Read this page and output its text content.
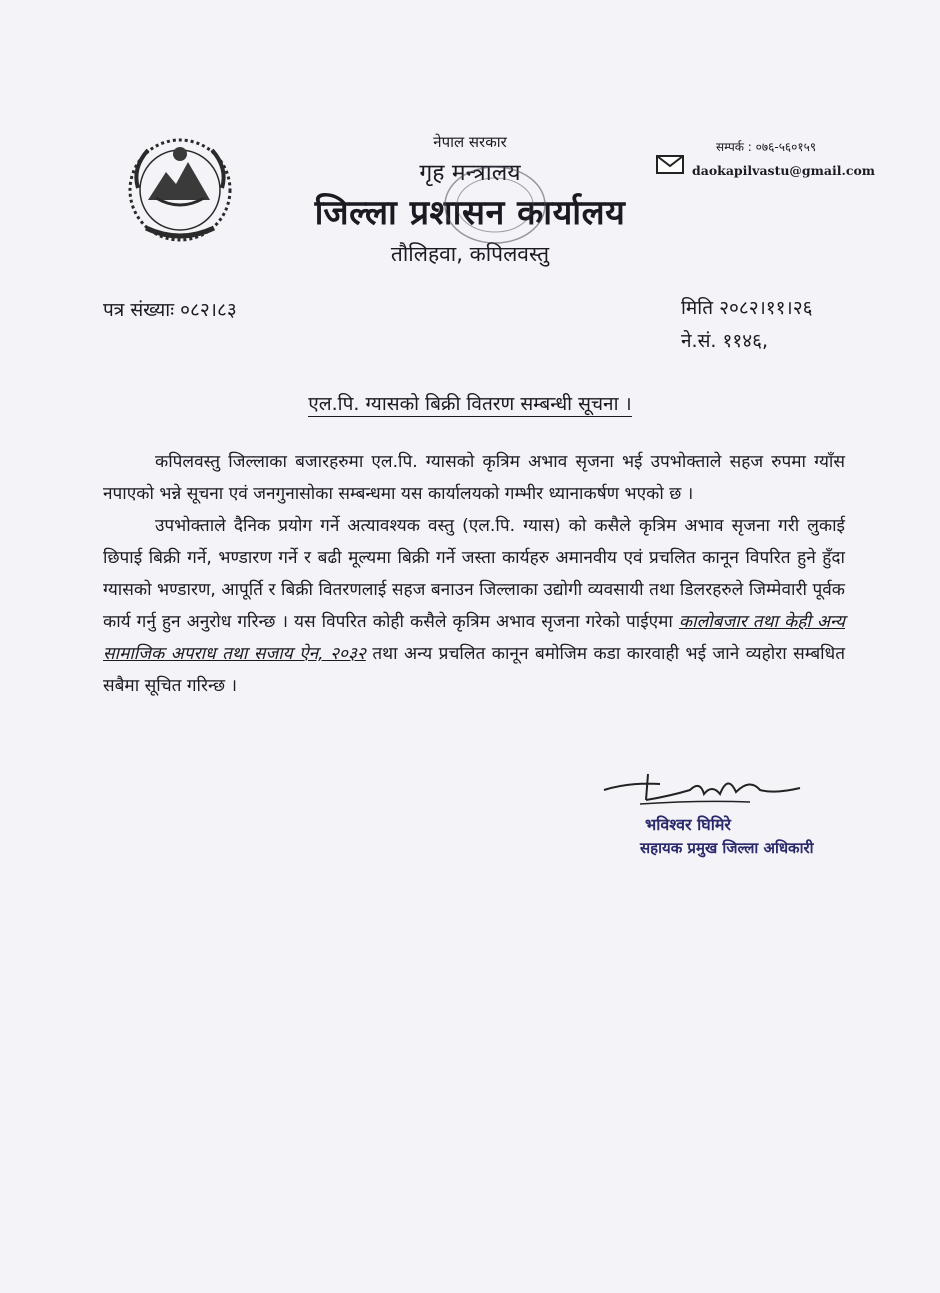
नेपाल सरकार
गृह मन्त्रालय
जिल्ला प्रशासन कार्यालय
तौलिहवा, कपिलवस्तु
सम्पर्क : ०७६-५६०१५९
daokapilvastu@gmail.com
पत्र संख्याः ०८२।८३	मिति २०८२।११।२६
ने.सं. ११४६,
एल.पि. ग्यासको बिक्री वितरण सम्बन्धी सूचना ।

कपिलवस्तु जिल्लाका बजारहरुमा एल.पि. ग्यासको कृत्रिम अभाव सृजना भई उपभोक्ताले सहज रुपमा ग्याँस नपाएको भन्ने सूचना एवं जनगुनासोका सम्बन्धमा यस कार्यालयको गम्भीर ध्यानाकर्षण भएको छ ।

उपभोक्ताले दैनिक प्रयोग गर्ने अत्यावश्यक वस्तु (एल.पि. ग्यास) को कसैले कृत्रिम अभाव सृजना गरी लुकाई छिपाई बिक्री गर्ने, भण्डारण गर्ने र बढी मूल्यमा बिक्री गर्ने जस्ता कार्यहरु अमानवीय एवं प्रचलित कानून विपरित हुने हुँदा ग्यासको भण्डारण, आपूर्ति र बिक्री वितरणलाई सहज बनाउन जिल्लाका उद्योगी व्यवसायी तथा डिलरहरुले जिम्मेवारी पूर्वक कार्य गर्नु हुन अनुरोध गरिन्छ । यस विपरित कोही कसैले कृत्रिम अभाव सृजना गरेको पाईएमा कालोबजार तथा केही अन्य सामाजिक अपराध तथा सजाय ऐन, २०३२ तथा अन्य प्रचलित कानून बमोजिम कडा कारवाही भई जाने व्यहोरा सम्बधित सबैमा सूचित गरिन्छ ।

भविश्वर घिमिरे
सहायक प्रमुख जिल्ला अधिकारी
